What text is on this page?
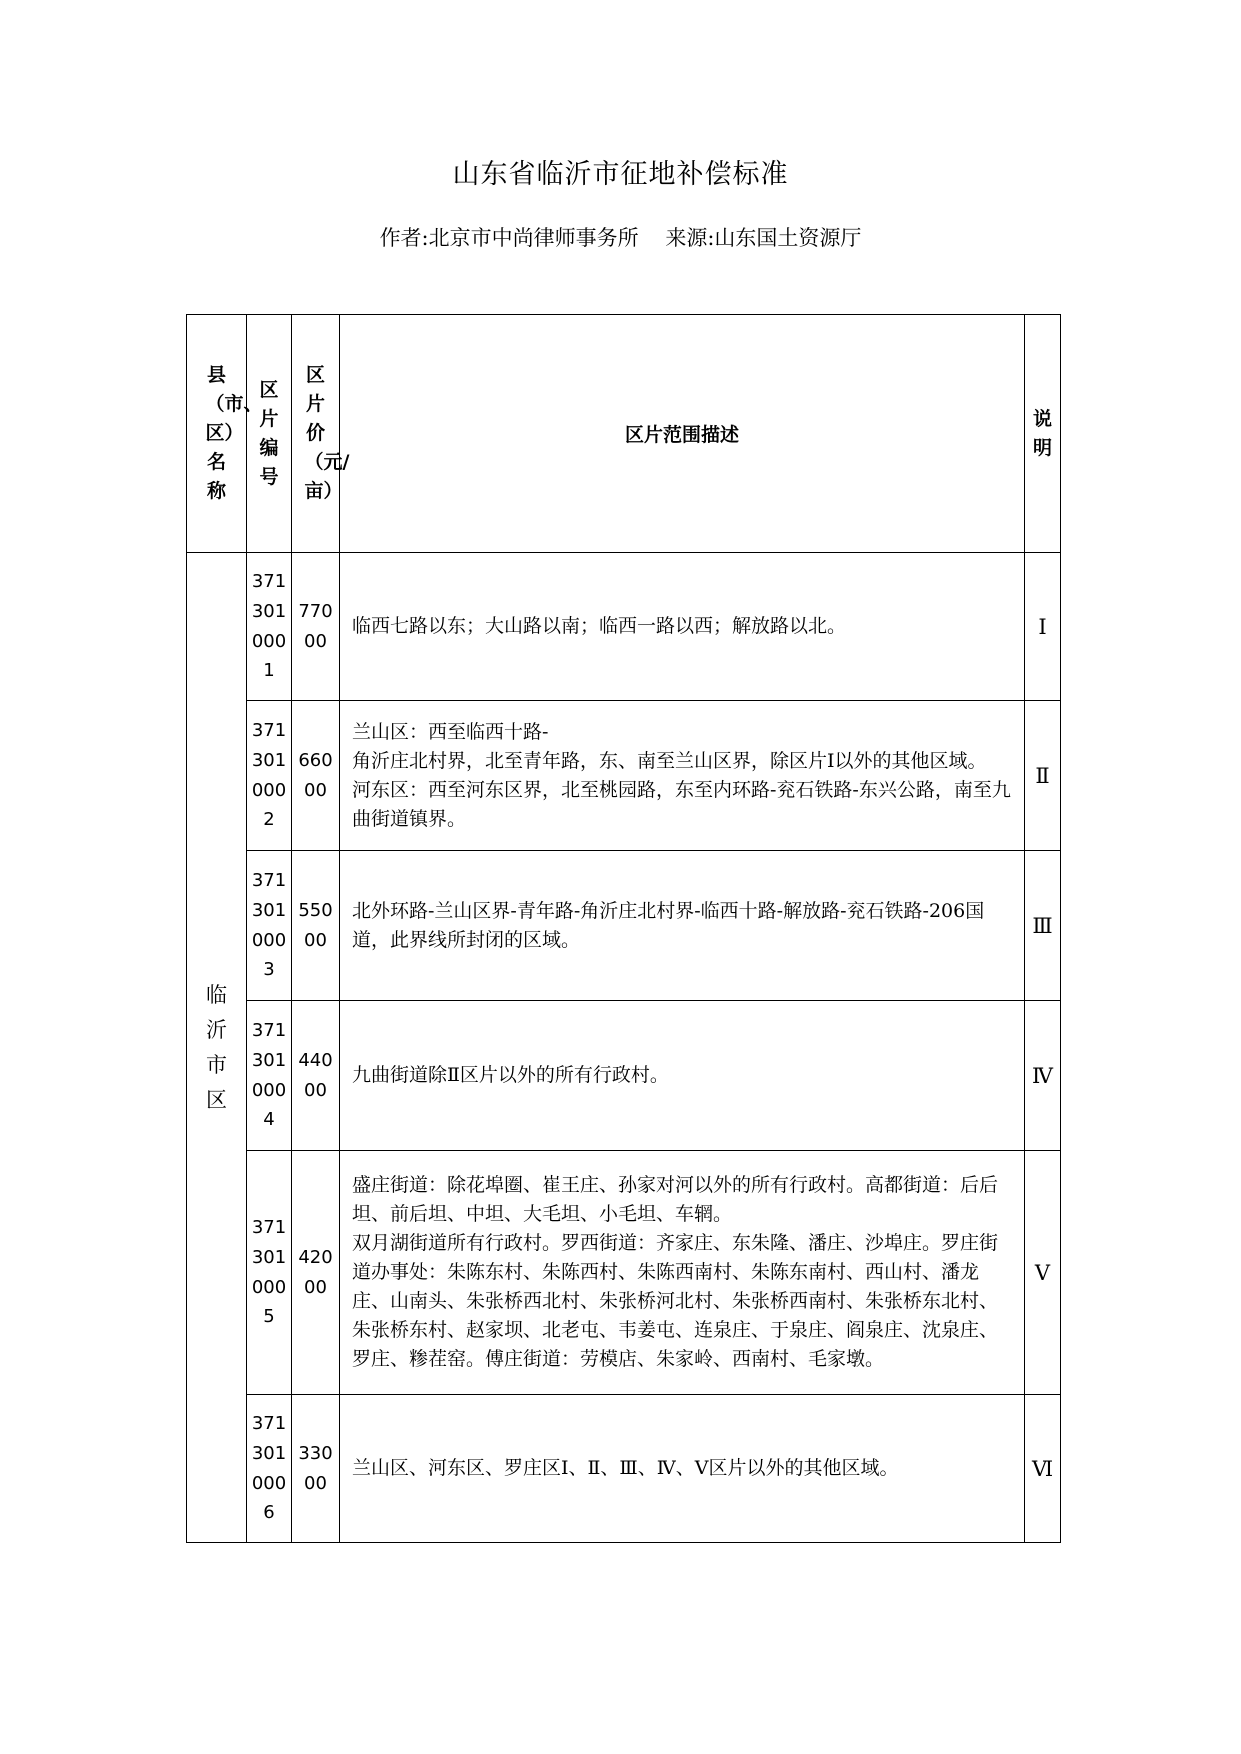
山东省临沂市征地补偿标准
作者:北京市中尚律师事务所    来源:山东国土资源厅
县（市、区）名称	区片编号	区片价（元/亩）	区片范围描述	说明
临沂市区	3713010001	77000	临西七路以东；大山路以南；临西一路以西；解放路以北。	Ⅰ
	3713010002	66000	兰山区：西至临西十路-
角沂庄北村界，北至青年路，东、南至兰山区界，除区片Ⅰ以外的其他区域。
河东区：西至河东区界，北至桃园路，东至内环路-兖石铁路-东兴公路，南至九曲街道镇界。	Ⅱ
	3713010003	55000	北外环路-兰山区界-青年路-角沂庄北村界-临西十路-解放路-兖石铁路-206国道，此界线所封闭的区域。	Ⅲ
	3713010004	44000	九曲街道除Ⅱ区片以外的所有行政村。	Ⅳ
	3713010005	42000	盛庄街道：除花埠圈、崔王庄、孙家对河以外的所有行政村。高都街道：后后坦、前后坦、中坦、大毛坦、小毛坦、车辋。
双月湖街道所有行政村。罗西街道：齐家庄、东朱隆、潘庄、沙埠庄。罗庄街道办事处：朱陈东村、朱陈西村、朱陈西南村、朱陈东南村、西山村、潘龙庄、山南头、朱张桥西北村、朱张桥河北村、朱张桥西南村、朱张桥东北村、朱张桥东村、赵家坝、北老屯、韦姜屯、连泉庄、于泉庄、阎泉庄、沈泉庄、罗庄、糁茬窑。傅庄街道：劳模店、朱家岭、西南村、毛家墩。	Ⅴ
	3713010006	33000	兰山区、河东区、罗庄区Ⅰ、Ⅱ、Ⅲ、Ⅳ、Ⅴ区片以外的其他区域。	Ⅵ
